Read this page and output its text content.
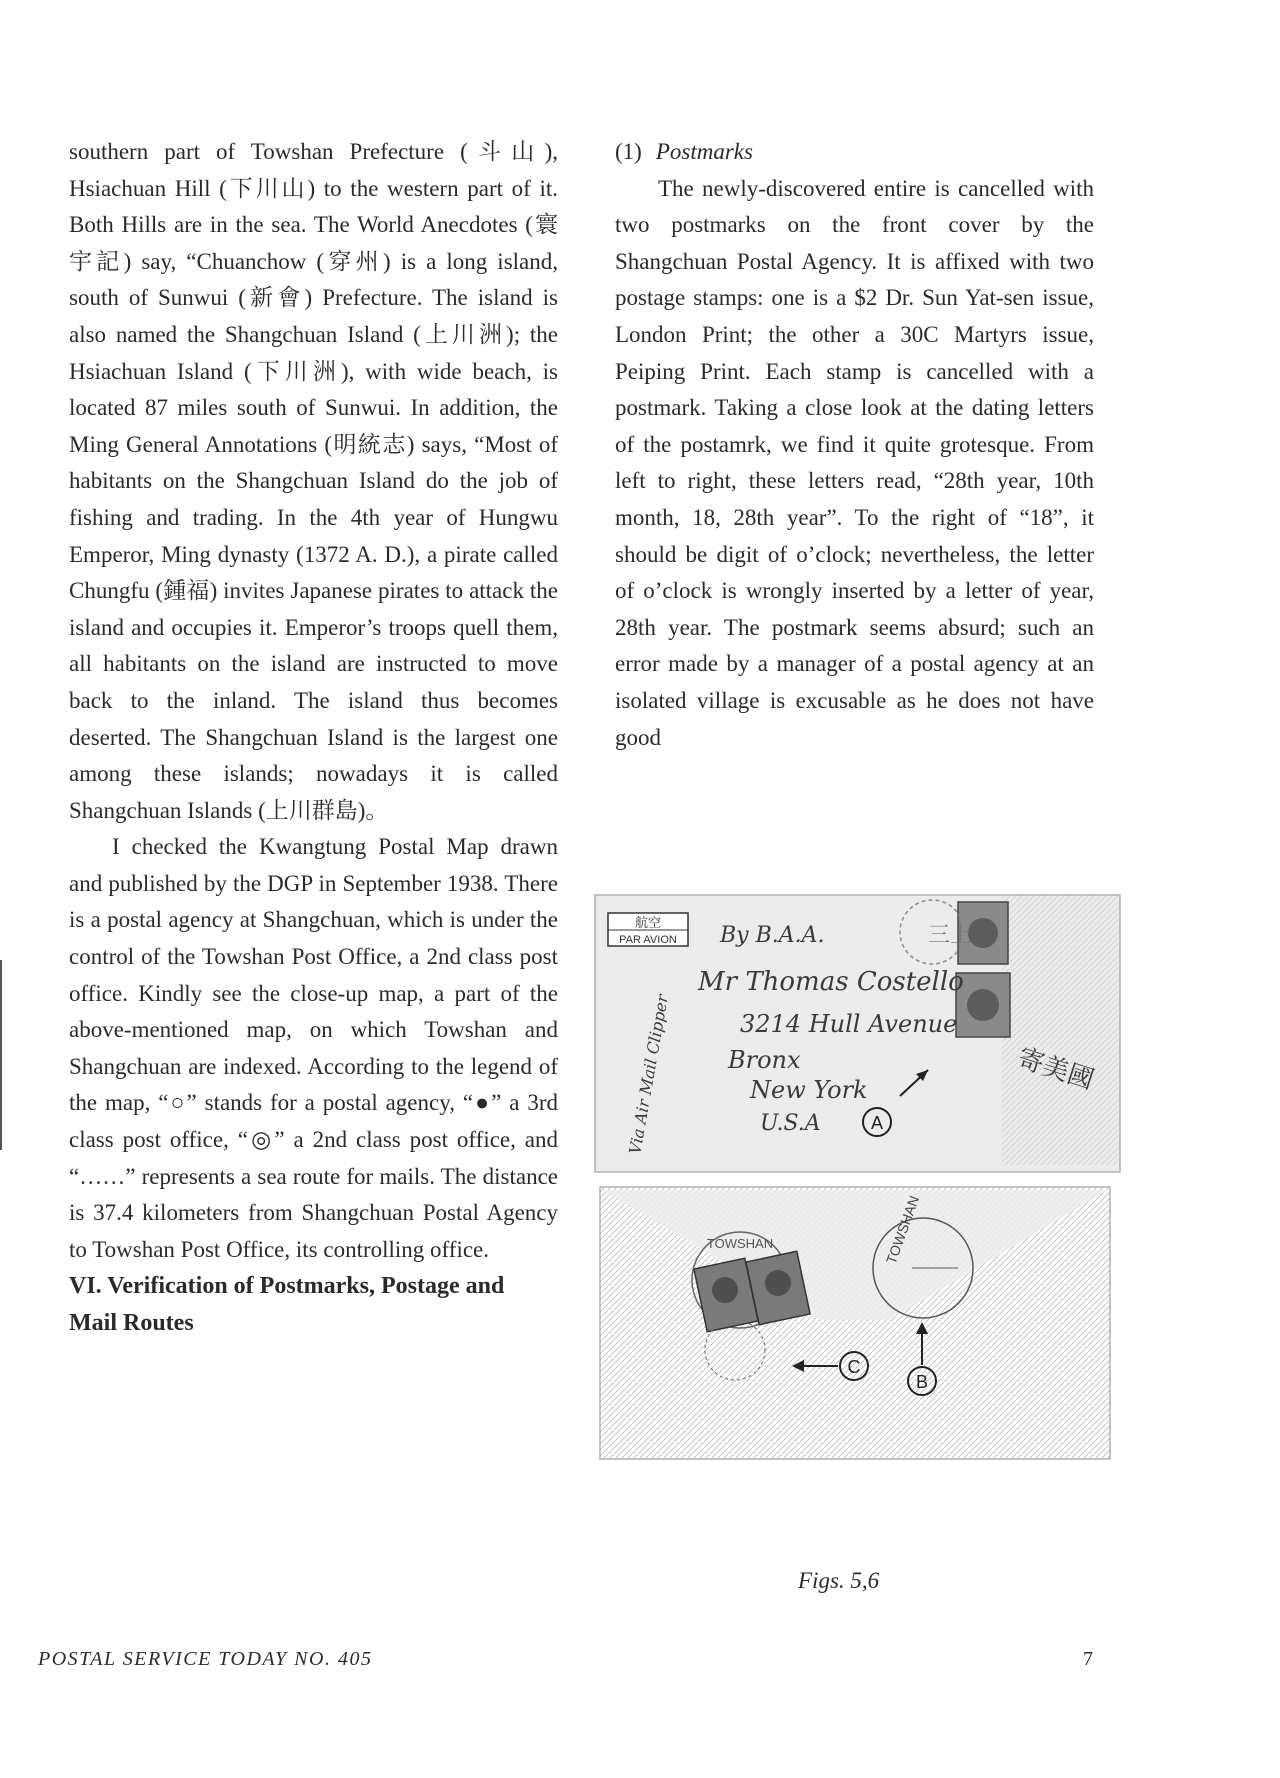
southern part of Towshan Prefecture (斗山), Hsiachuan Hill (下川山) to the western part of it. Both Hills are in the sea. The World Anecdotes (寰宇記) say, “Chuanchow (穿州) is a long island, south of Sunwui (新會) Prefecture. The island is also named the Shangchuan Island (上川洲); the Hsiachuan Island (下川洲), with wide beach, is located 87 miles south of Sunwui. In addition, the Ming General Annotations (明統志) says, “Most of habitants on the Shangchuan Island do the job of fishing and trading. In the 4th year of Hungwu Emperor, Ming dynasty (1372 A. D.), a pirate called Chungfu (鍾福) invites Japanese pirates to attack the island and occupies it. Emperor’s troops quell them, all habitants on the island are instructed to move back to the inland. The island thus becomes deserted. The Shangchuan Island is the largest one among these islands; nowadays it is called Shangchuan Islands (上川群島)。

I checked the Kwangtung Postal Map drawn and published by the DGP in September 1938. There is a postal agency at Shangchuan, which is under the control of the Towshan Post Office, a 2nd class post office. Kindly see the close-up map, a part of the above-mentioned map, on which Towshan and Shangchuan are indexed. According to the legend of the map, “○” stands for a postal agency, “●” a 3rd class post office, “◎” a 2nd class post office, and “……” represents a sea route for mails. The distance is 37.4 kilometers from Shangchuan Postal Agency to Towshan Post Office, its controlling office.

VI. Verification of Postmarks, Postage and Mail Routes

(1) Postmarks

The newly-discovered entire is cancelled with two postmarks on the front cover by the Shangchuan Postal Agency. It is affixed with two postage stamps: one is a $2 Dr. Sun Yat-sen issue, London Print; the other a 30C Martyrs issue, Peiping Print. Each stamp is cancelled with a postmark. Taking a close look at the dating letters of the postamrk, we find it quite grotesque. From left to right, these letters read, “28th year, 10th month, 18, 28th year”. To the right of “18”, it should be digit of o’clock; nevertheless, the letter of o’clock is wrongly inserted by a letter of year, 28th year. The postmark seems absurd; such an error made by a manager of a postal agency at an isolated village is excusable as he does not have good

航空
PAR AVION	三上
By B.A.A.
Mr Thomas Costello
3214 Hull Avenue
Bronx
New York
U.S.A
Via Air Mail Clipper	寄美國
A
TOWSHAN	TOWSHAN
B
C
Figs. 5,6
POSTAL SERVICE TODAY NO. 405	7
